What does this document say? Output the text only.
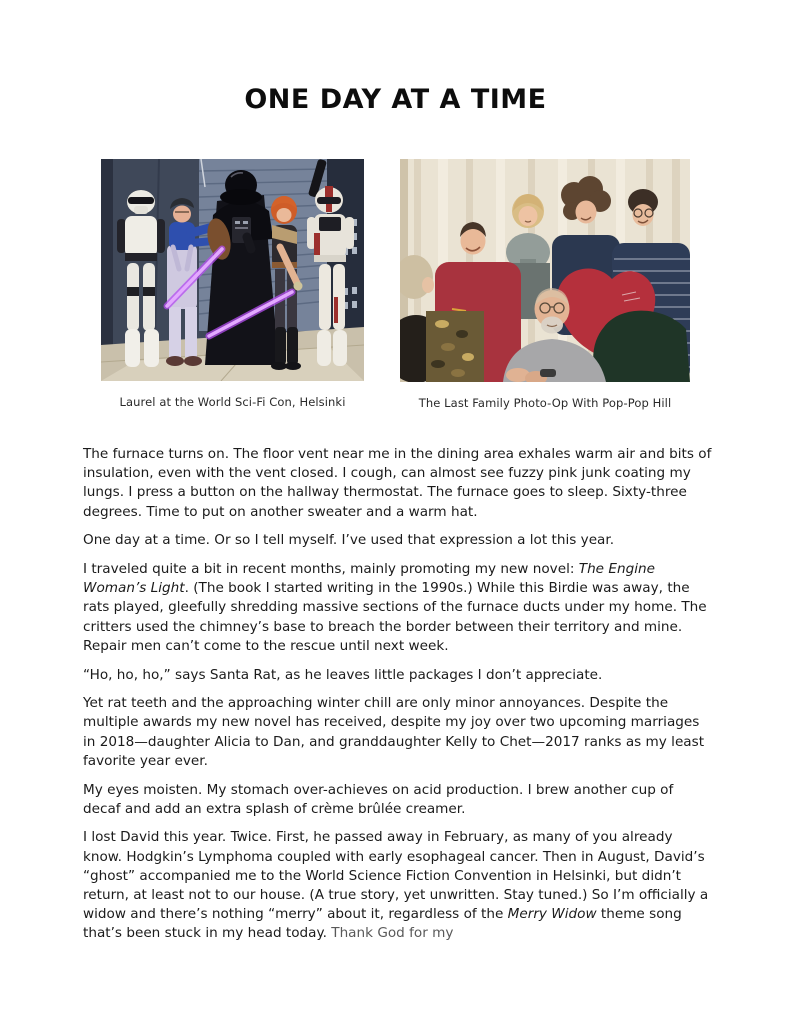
ONE DAY AT A TIME
Laurel at the World Sci-Fi Con, Helsinki	The Last Family Photo-Op With Pop-Pop Hill

The furnace turns on. The floor vent near me in the dining area exhales warm air and bits of insulation, even with the vent closed. I cough, can almost see fuzzy pink junk coating my lungs. I press a button on the hallway thermostat. The furnace goes to sleep. Sixty-three degrees. Time to put on another sweater and a warm hat.

One day at a time. Or so I tell myself. I’ve used that expression a lot this year.

I traveled quite a bit in recent months, mainly promoting my new novel: The Engine Woman’s Light. (The book I started writing in the 1990s.) While this Birdie was away, the rats played, gleefully shredding massive sections of the furnace ducts under my home. The critters used the chimney’s base to breach the border between their territory and mine. Repair men can’t come to the rescue until next week.

“Ho, ho, ho,” says Santa Rat, as he leaves little packages I don’t appreciate.

Yet rat teeth and the approaching winter chill are only minor annoyances. Despite the multiple awards my new novel has received, despite my joy over two upcoming marriages in 2018—daughter Alicia to Dan, and granddaughter Kelly to Chet—2017 ranks as my least favorite year ever.

My eyes moisten. My stomach over-achieves on acid production. I brew another cup of decaf and add an extra splash of crème brûlée creamer.

I lost David this year. Twice. First, he passed away in February, as many of you already know. Hodgkin’s Lymphoma coupled with early esophageal cancer. Then in August, David’s “ghost” accompanied me to the World Science Fiction Convention in Helsinki, but didn’t return, at least not to our house. (A true story, yet unwritten. Stay tuned.) So I’m officially a widow and there’s nothing “merry” about it, regardless of the Merry Widow theme song that’s been stuck in my head today. Thank God for my
